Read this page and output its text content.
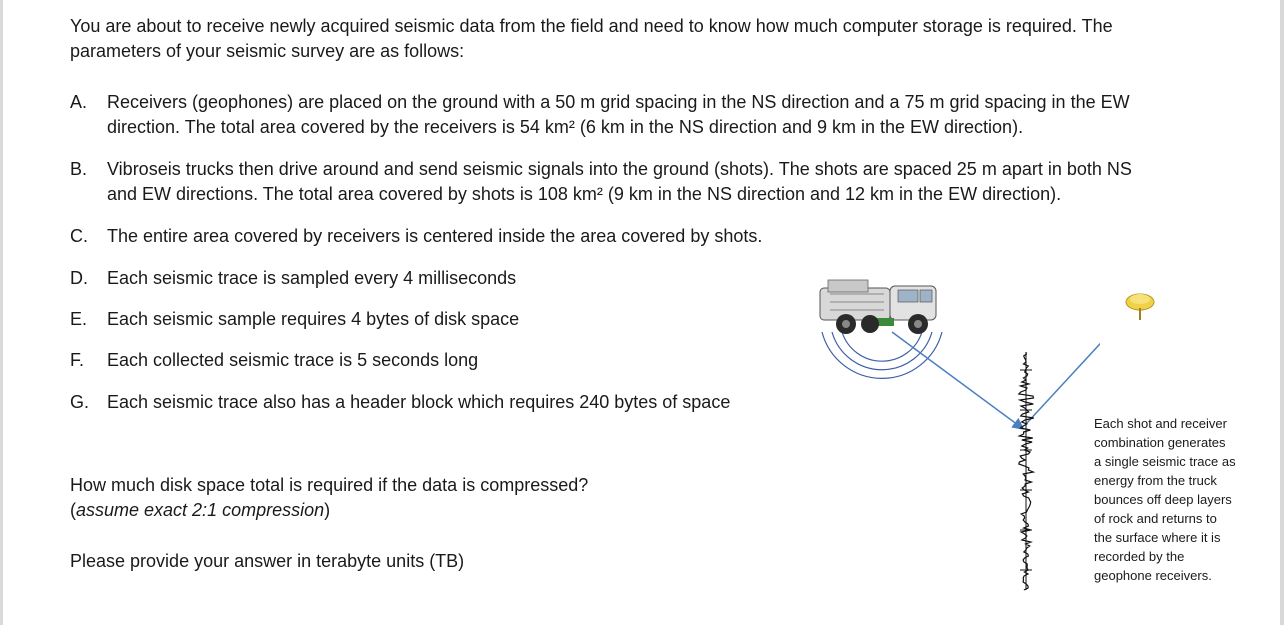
You are about to receive newly acquired seismic data from the field and need to know how much computer storage is required. The
parameters of your seismic survey are as follows:
A.	Receivers (geophones) are placed on the ground with a 50 m grid spacing in the NS direction and a 75 m grid spacing in the EW
direction. The total area covered by the receivers is 54 km² (6 km in the NS direction and 9 km in the EW direction).
B.	Vibroseis trucks then drive around and send seismic signals into the ground (shots). The shots are spaced 25 m apart in both NS
and EW directions. The total area covered by shots is 108 km² (9 km in the NS direction and 12 km in the EW direction).
C.	The entire area covered by receivers is centered inside the area covered by shots.
D.	Each seismic trace is sampled every 4 milliseconds
E.	Each seismic sample requires 4 bytes of disk space
F.	Each collected seismic trace is 5 seconds long
G. Each seismic trace also has a header block which requires 240 bytes of space
How much disk space total is required if the data is compressed?
(assume exact 2:1 compression)
Please provide your answer in terabyte units (TB)
Each shot and receiver
combination generates
a single seismic trace as
energy from the truck
bounces off deep layers
of rock and returns to
the surface where it is
recorded by the
geophone receivers.
